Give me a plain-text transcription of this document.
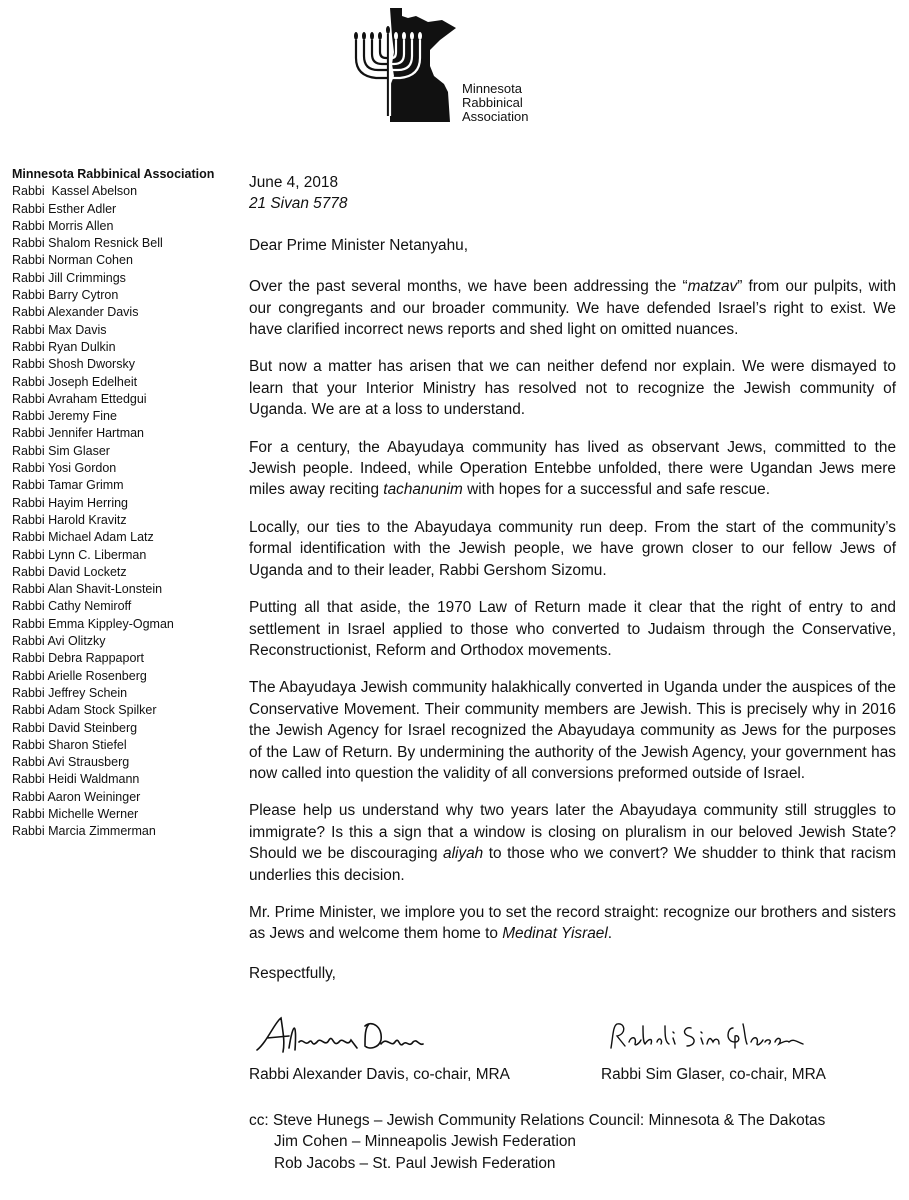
Minnesota
Rabbinical
Association
Minnesota Rabbinical Association
Rabbi  Kassel Abelson
Rabbi Esther Adler
Rabbi Morris Allen
Rabbi Shalom Resnick Bell
Rabbi Norman Cohen
Rabbi Jill Crimmings
Rabbi Barry Cytron
Rabbi Alexander Davis
Rabbi Max Davis
Rabbi Ryan Dulkin
Rabbi Shosh Dworsky
Rabbi Joseph Edelheit
Rabbi Avraham Ettedgui
Rabbi Jeremy Fine
Rabbi Jennifer Hartman
Rabbi Sim Glaser
Rabbi Yosi Gordon
Rabbi Tamar Grimm
Rabbi Hayim Herring
Rabbi Harold Kravitz
Rabbi Michael Adam Latz
Rabbi Lynn C. Liberman
Rabbi David Locketz
Rabbi Alan Shavit-Lonstein
Rabbi Cathy Nemiroff
Rabbi Emma Kippley-Ogman
Rabbi Avi Olitzky
Rabbi Debra Rappaport
Rabbi Arielle Rosenberg
Rabbi Jeffrey Schein
Rabbi Adam Stock Spilker
Rabbi David Steinberg
Rabbi Sharon Stiefel
Rabbi Avi Strausberg
Rabbi Heidi Waldmann
Rabbi Aaron Weininger
Rabbi Michelle Werner
Rabbi Marcia Zimmerman

June 4, 2018

21 Sivan 5778

Dear Prime Minister Netanyahu,

Over the past several months, we have been addressing the “matzav” from our pulpits, with our congregants and our broader community. We have defended Israel’s right to exist. We have clarified incorrect news reports and shed light on omitted nuances.

But now a matter has arisen that we can neither defend nor explain. We were dismayed to learn that your Interior Ministry has resolved not to recognize the Jewish community of Uganda. We are at a loss to understand.

For a century, the Abayudaya community has lived as observant Jews, committed to the Jewish people. Indeed, while Operation Entebbe unfolded, there were Ugandan Jews mere miles away reciting tachanunim with hopes for a successful and safe rescue.

Locally, our ties to the Abayudaya community run deep. From the start of the community’s formal identification with the Jewish people, we have grown closer to our fellow Jews of Uganda and to their leader, Rabbi Gershom Sizomu.

Putting all that aside, the 1970 Law of Return made it clear that the right of entry to and settlement in Israel applied to those who converted to Judaism through the Conservative, Reconstructionist, Reform and Orthodox movements.

The Abayudaya Jewish community halakhically converted in Uganda under the auspices of the Conservative Movement. Their community members are Jewish. This is precisely why in 2016 the Jewish Agency for Israel recognized the Abayudaya community as Jews for the purposes of the Law of Return. By undermining the authority of the Jewish Agency, your government has now called into question the validity of all conversions preformed outside of Israel.

Please help us understand why two years later the Abayudaya community still struggles to immigrate? Is this a sign that a window is closing on pluralism in our beloved Jewish State? Should we be discouraging aliyah to those who we convert? We shudder to think that racism underlies this decision.

Mr. Prime Minister, we implore you to set the record straight: recognize our brothers and sisters as Jews and welcome them home to Medinat Yisrael.

Respectfully,

Rabbi Alexander Davis, co-chair, MRA	Rabbi Sim Glaser, co-chair, MRA
cc: Steve Hunegs – Jewish Community Relations Council: Minnesota & The Dakotas
Jim Cohen – Minneapolis Jewish Federation
Rob Jacobs – St. Paul Jewish Federation
